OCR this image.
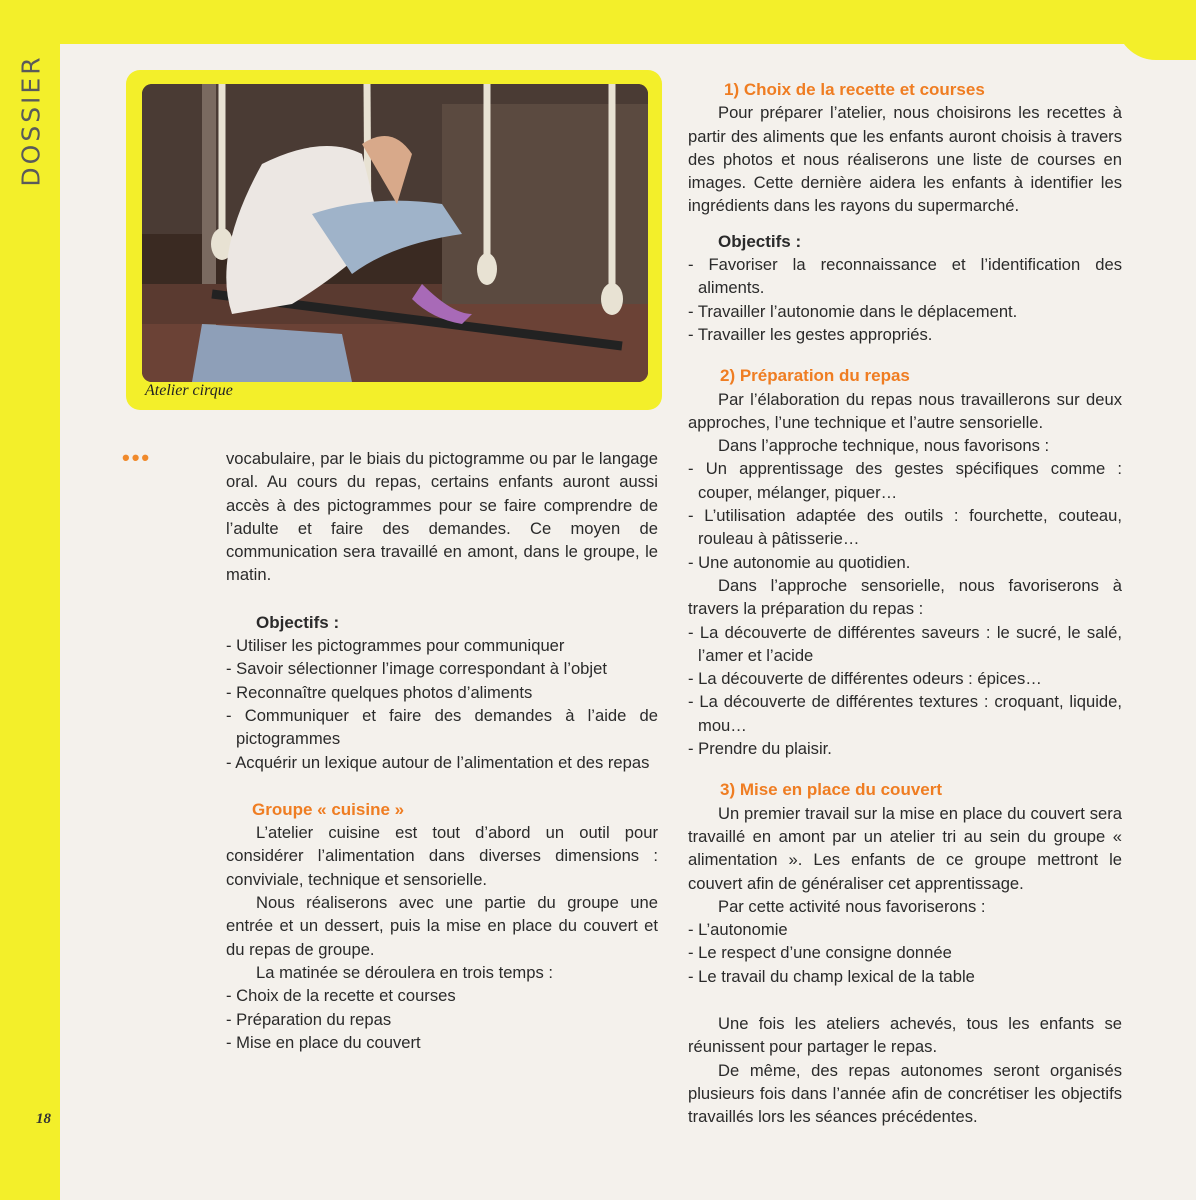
DOSSIER
Atelier cirque
•••	vocabulaire, par le biais du pictogramme ou par le langage oral. Au cours du repas, certains enfants auront aussi accès à des pictogrammes pour se faire comprendre de l’adulte et faire des demandes. Ce moyen de communication sera travaillé en amont, dans le groupe, le matin.

Objectifs :

- Utiliser les pictogrammes pour communiquer

- Savoir sélectionner l’image correspondant à l’objet

- Reconnaître quelques photos d’aliments

- Communiquer et faire des demandes à l’aide de pictogrammes

- Acquérir un lexique autour de l’alimentation et des repas

Groupe « cuisine »

L’atelier cuisine est tout d’abord un outil pour considérer l’alimentation dans diverses dimensions : conviviale, technique et sensorielle.

Nous réaliserons avec une partie du groupe une entrée et un dessert, puis la mise en place du couvert et du repas de groupe.

La matinée se déroulera en trois temps :

- Choix de la recette et courses

- Préparation du repas

- Mise en place du couvert

1) Choix de la recette et courses

Pour préparer l’atelier, nous choisirons les recettes à partir des aliments que les enfants auront choisis à travers des photos et nous réaliserons une liste de courses en images. Cette dernière aidera les enfants à identifier les ingrédients dans les rayons du supermarché.

Objectifs :

- Favoriser la reconnaissance et l’identification des aliments.

- Travailler l’autonomie dans le déplacement.

- Travailler les gestes appropriés.

2) Préparation du repas

Par l’élaboration du repas nous travaillerons sur deux approches, l’une technique et l’autre sensorielle.

Dans l’approche technique, nous favorisons :

- Un apprentissage des gestes spécifiques comme : couper, mélanger, piquer…

- L’utilisation adaptée des outils : fourchette, couteau, rouleau à pâtisserie…

- Une autonomie au quotidien.

Dans l’approche sensorielle, nous favoriserons à travers la préparation du repas :

- La découverte de différentes saveurs : le sucré, le salé, l’amer et l’acide

- La découverte de différentes odeurs : épices…

- La découverte de différentes textures : croquant, liquide, mou…

- Prendre du plaisir.

3) Mise en place du couvert

Un premier travail sur la mise en place du couvert sera travaillé en amont par un atelier tri au sein du groupe « alimentation ». Les enfants de ce groupe mettront le couvert afin de généraliser cet apprentissage.

Par cette activité nous favoriserons :

- L’autonomie

- Le respect d’une consigne donnée

- Le travail du champ lexical de la table

Une fois les ateliers achevés, tous les enfants se réunissent pour partager le repas.

De même, des repas autonomes seront organisés plusieurs fois dans l’année afin de concrétiser les objectifs travaillés lors les séances précédentes.

18
